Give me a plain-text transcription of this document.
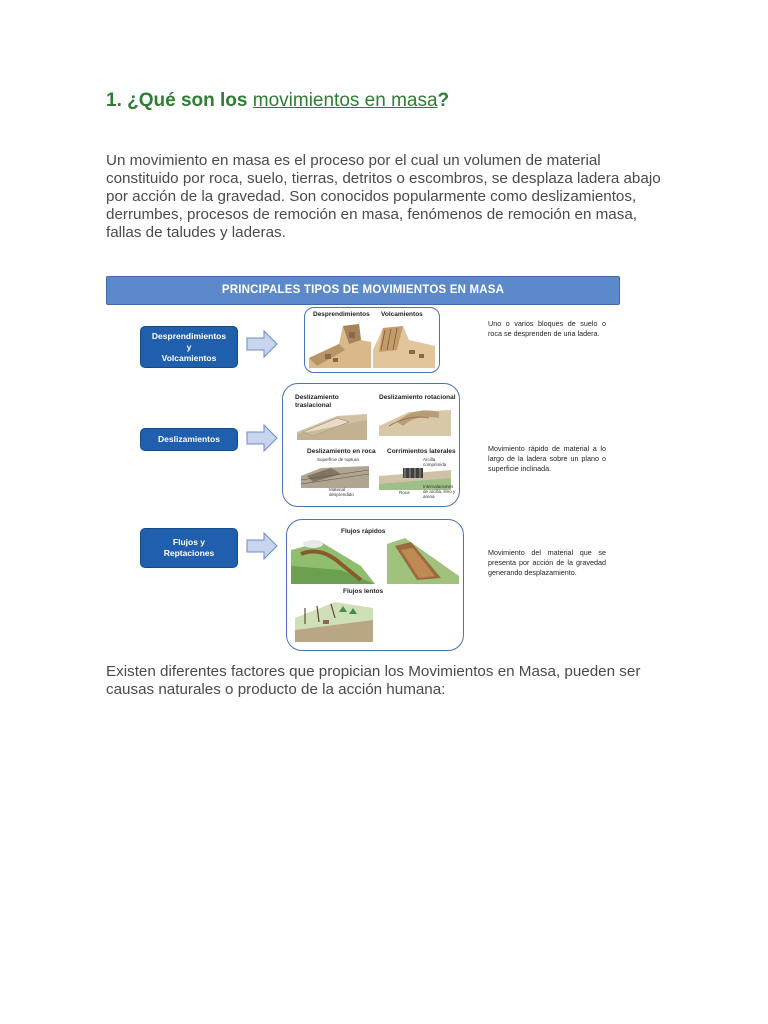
1. ¿Qué son los movimientos en masa?

Un movimiento en masa es el proceso por el cual un volumen de material constituido por roca, suelo, tierras, detritos o escombros, se desplaza ladera abajo por acción de la gravedad. Son conocidos popularmente como deslizamientos, derrumbes, procesos de remoción en masa, fenómenos de remoción en masa, fallas de taludes y laderas.

PRINCIPALES TIPOS DE MOVIMIENTOS EN MASA
Desprendimientos
y
Volcamientos
Desprendimientos Volcamientos
Uno o varios bloques de suelo o roca se desprenden de una ladera.
Deslizamientos
Deslizamiento traslacional
Deslizamiento rotacional
Deslizamiento en roca
Superficie de ruptura
Corrimientos laterales
Arcilla comprimida
Material desprendido	Roca
Intercalaciones de arcilla, limo y arena
Movimiento rápido de material a lo largo de la ladera sobre un plano o superficie inclinada.
Flujos y
Reptaciones
Flujos rápidos
Flujos lentos
Movimiento del material que se presenta por acción de la gravedad generando desplazamiento.

Existen diferentes factores que propician los Movimientos en Masa, pueden ser causas naturales o producto de la acción humana:
